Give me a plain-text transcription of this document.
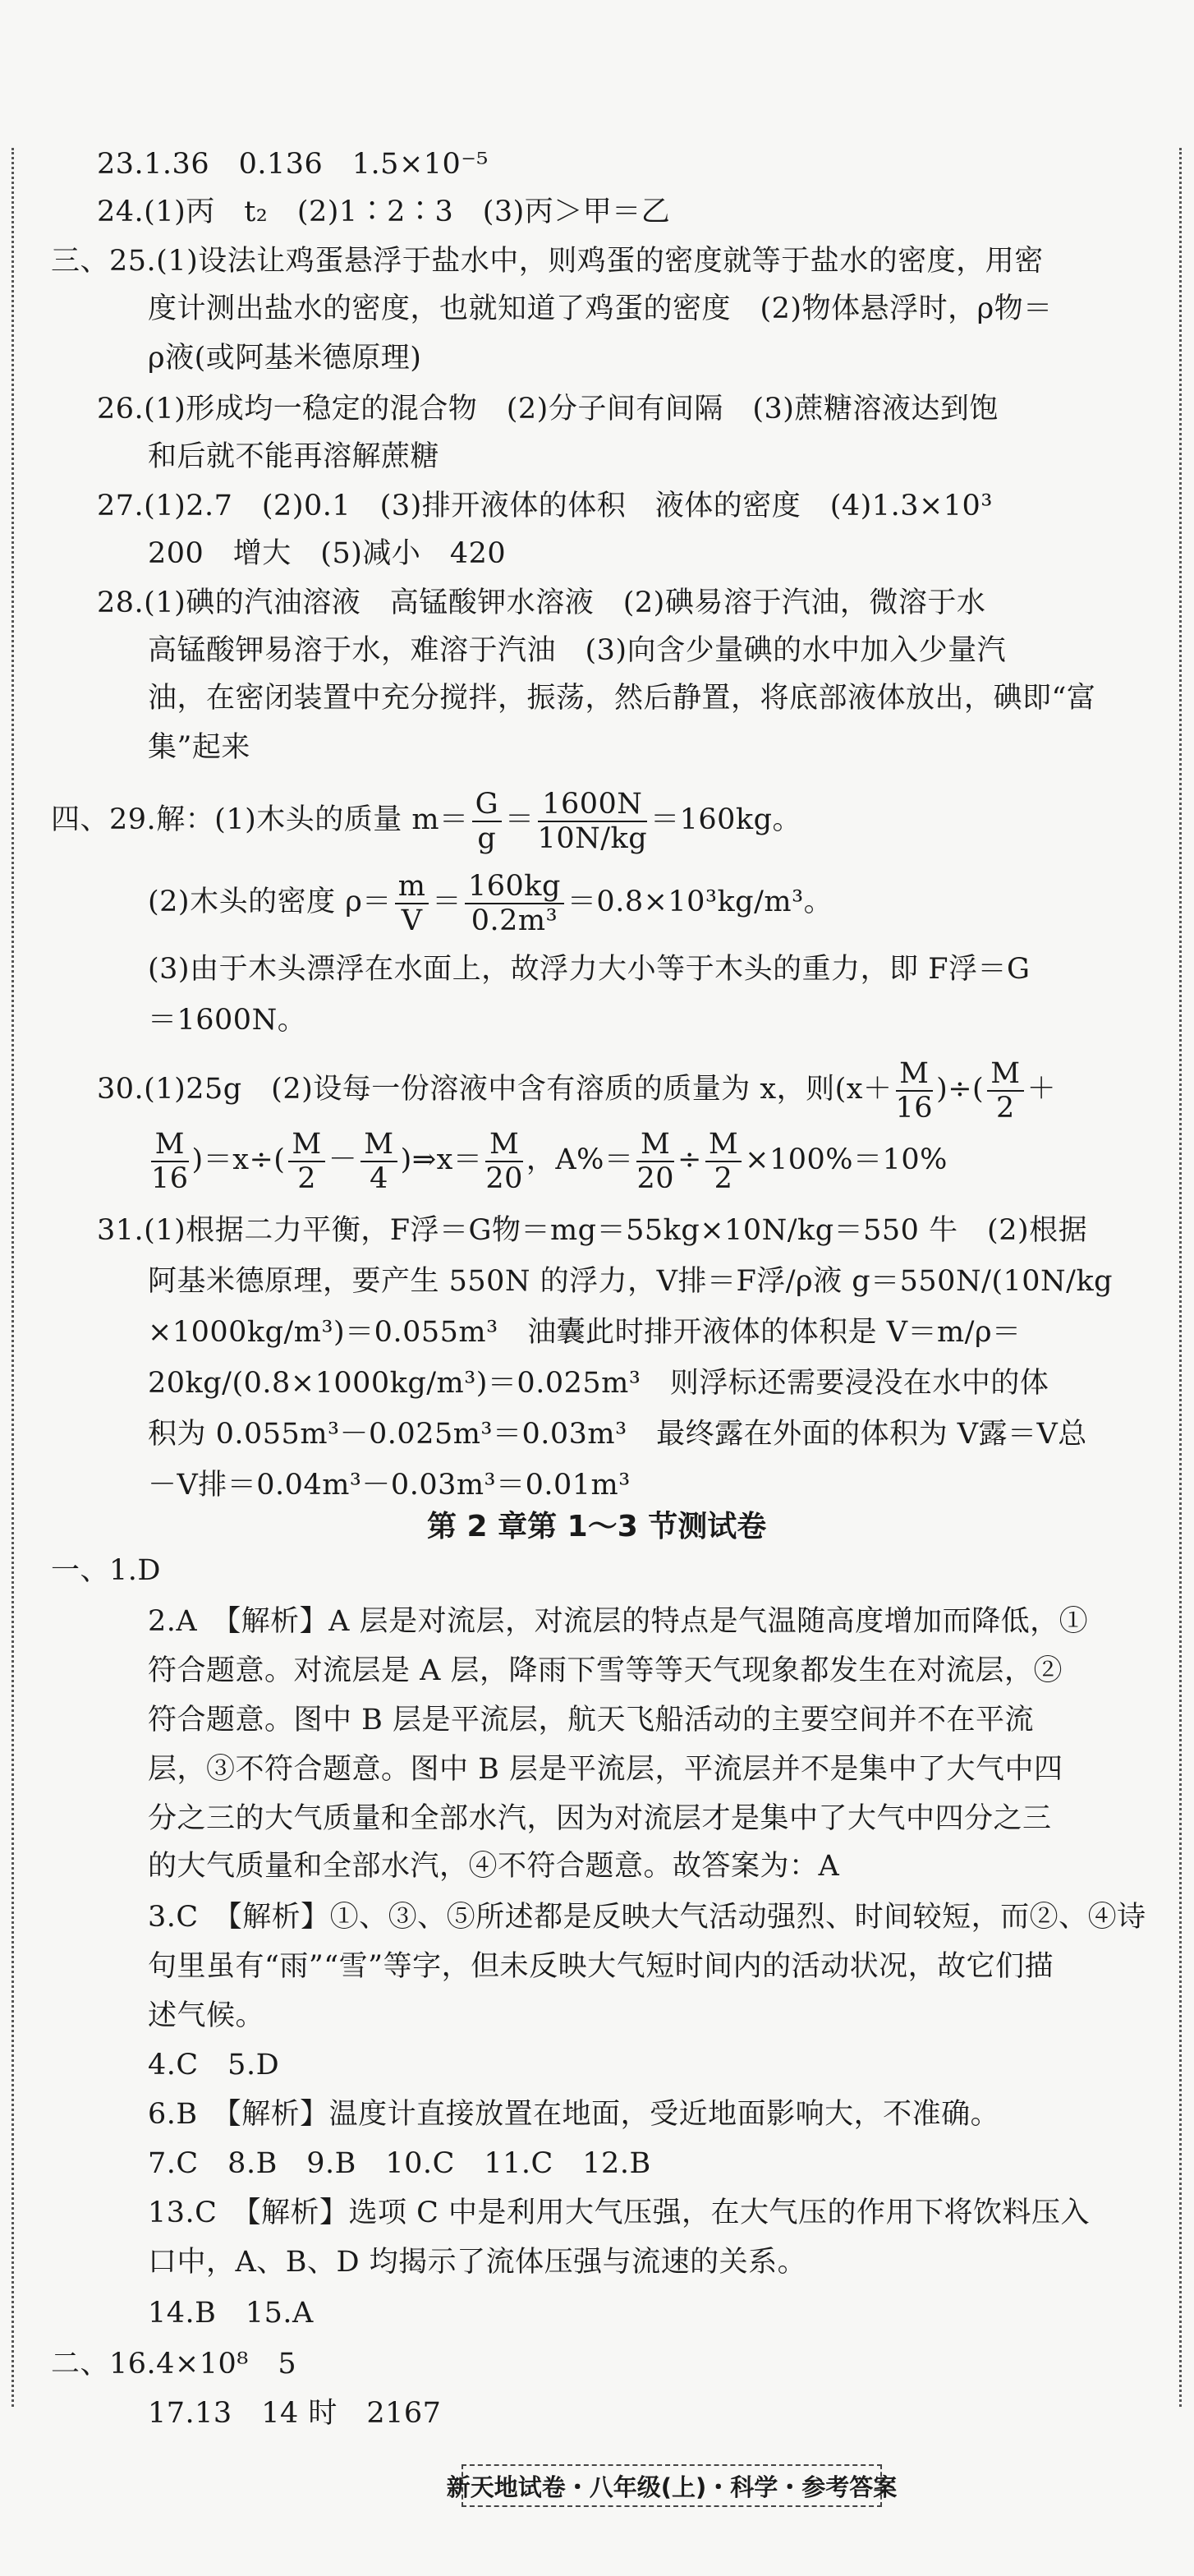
23.1.36　0.136　1.5×10⁻⁵
24.(1)丙　t₂　(2)1∶2∶3　(3)丙＞甲＝乙
三、25.(1)设法让鸡蛋悬浮于盐水中，则鸡蛋的密度就等于盐水的密度，用密
度计测出盐水的密度，也就知道了鸡蛋的密度　(2)物体悬浮时，ρ物＝
ρ液(或阿基米德原理)
26.(1)形成均一稳定的混合物　(2)分子间有间隔　(3)蔗糖溶液达到饱
和后就不能再溶解蔗糖
27.(1)2.7　(2)0.1　(3)排开液体的体积　液体的密度　(4)1.3×10³
200　增大　(5)减小　420
28.(1)碘的汽油溶液　高锰酸钾水溶液　(2)碘易溶于汽油，微溶于水
高锰酸钾易溶于水，难溶于汽油　(3)向含少量碘的水中加入少量汽
油，在密闭装置中充分搅拌，振荡，然后静置，将底部液体放出，碘即“富
集”起来
四、29.解：(1)木头的质量 $m= \frac{G}{g} = \frac{1600N}{10N/kg} =160kg$。
(2)木头的密度 $\rho= \frac{m}{V} = \frac{160kg}{\text{0.2m³}} =0.8\times 10^3kg/m^3$。
(3)由于木头漂浮在水面上，故浮力大小等于木头的重力，即 F浮＝G
＝1600N。
30.(1)25g　(2)设每一份溶液中含有溶质的质量为 x，则($x+ \frac{M}{16}$ )÷( $\frac{M}{2}$ ＋
$\frac{M}{16} )=x\div( \frac{M}{2} - \frac{M}{4}$ )⇒x＝ $\frac{M}{20}$ ，$A\%= \frac{M}{20} \div \frac{M}{2} \times 100\%=10\%$
31.(1)根据二力平衡，F浮＝G物＝mg＝55kg×10N/kg＝550 牛　(2)根据
阿基米德原理，要产生 550N 的浮力，V排＝F浮/ρ液 g＝550N/(10N/kg
×1000kg/m³)＝0.055m³　油囊此时排开液体的体积是 V＝m/ρ＝
20kg/(0.8×1000kg/m³)＝0.025m³　则浮标还需要浸没在水中的体
积为 0.055m³－0.025m³＝0.03m³　最终露在外面的体积为 V露＝V总
－V排＝0.04m³－0.03m³＝0.01m³
第 2 章第 1～3 节测试卷
一、1.D
2.A　【解析】A 层是对流层，对流层的特点是气温随高度增加而降低，①
符合题意。对流层是 A 层，降雨下雪等等天气现象都发生在对流层，②
符合题意。图中 B 层是平流层，航天飞船活动的主要空间并不在平流
层，③不符合题意。图中 B 层是平流层，平流层并不是集中了大气中四
分之三的大气质量和全部水汽，因为对流层才是集中了大气中四分之三
的大气质量和全部水汽，④不符合题意。故答案为：A
3.C　【解析】①、③、⑤所述都是反映大气活动强烈、时间较短，而②、④诗
句里虽有“雨”“雪”等字，但未反映大气短时间内的活动状况，故它们描
述气候。
4.C　5.D
6.B　【解析】温度计直接放置在地面，受近地面影响大，不准确。
7.C　8.B　9.B　10.C　11.C　12.B
13.C　【解析】选项 C 中是利用大气压强，在大气压的作用下将饮料压入
口中，A、B、D 均揭示了流体压强与流速的关系。
14.B　15.A
二、16.4×10⁸　5
17.13　14 时　2167
新天地试卷・八年级(上)・科学・参考答案
